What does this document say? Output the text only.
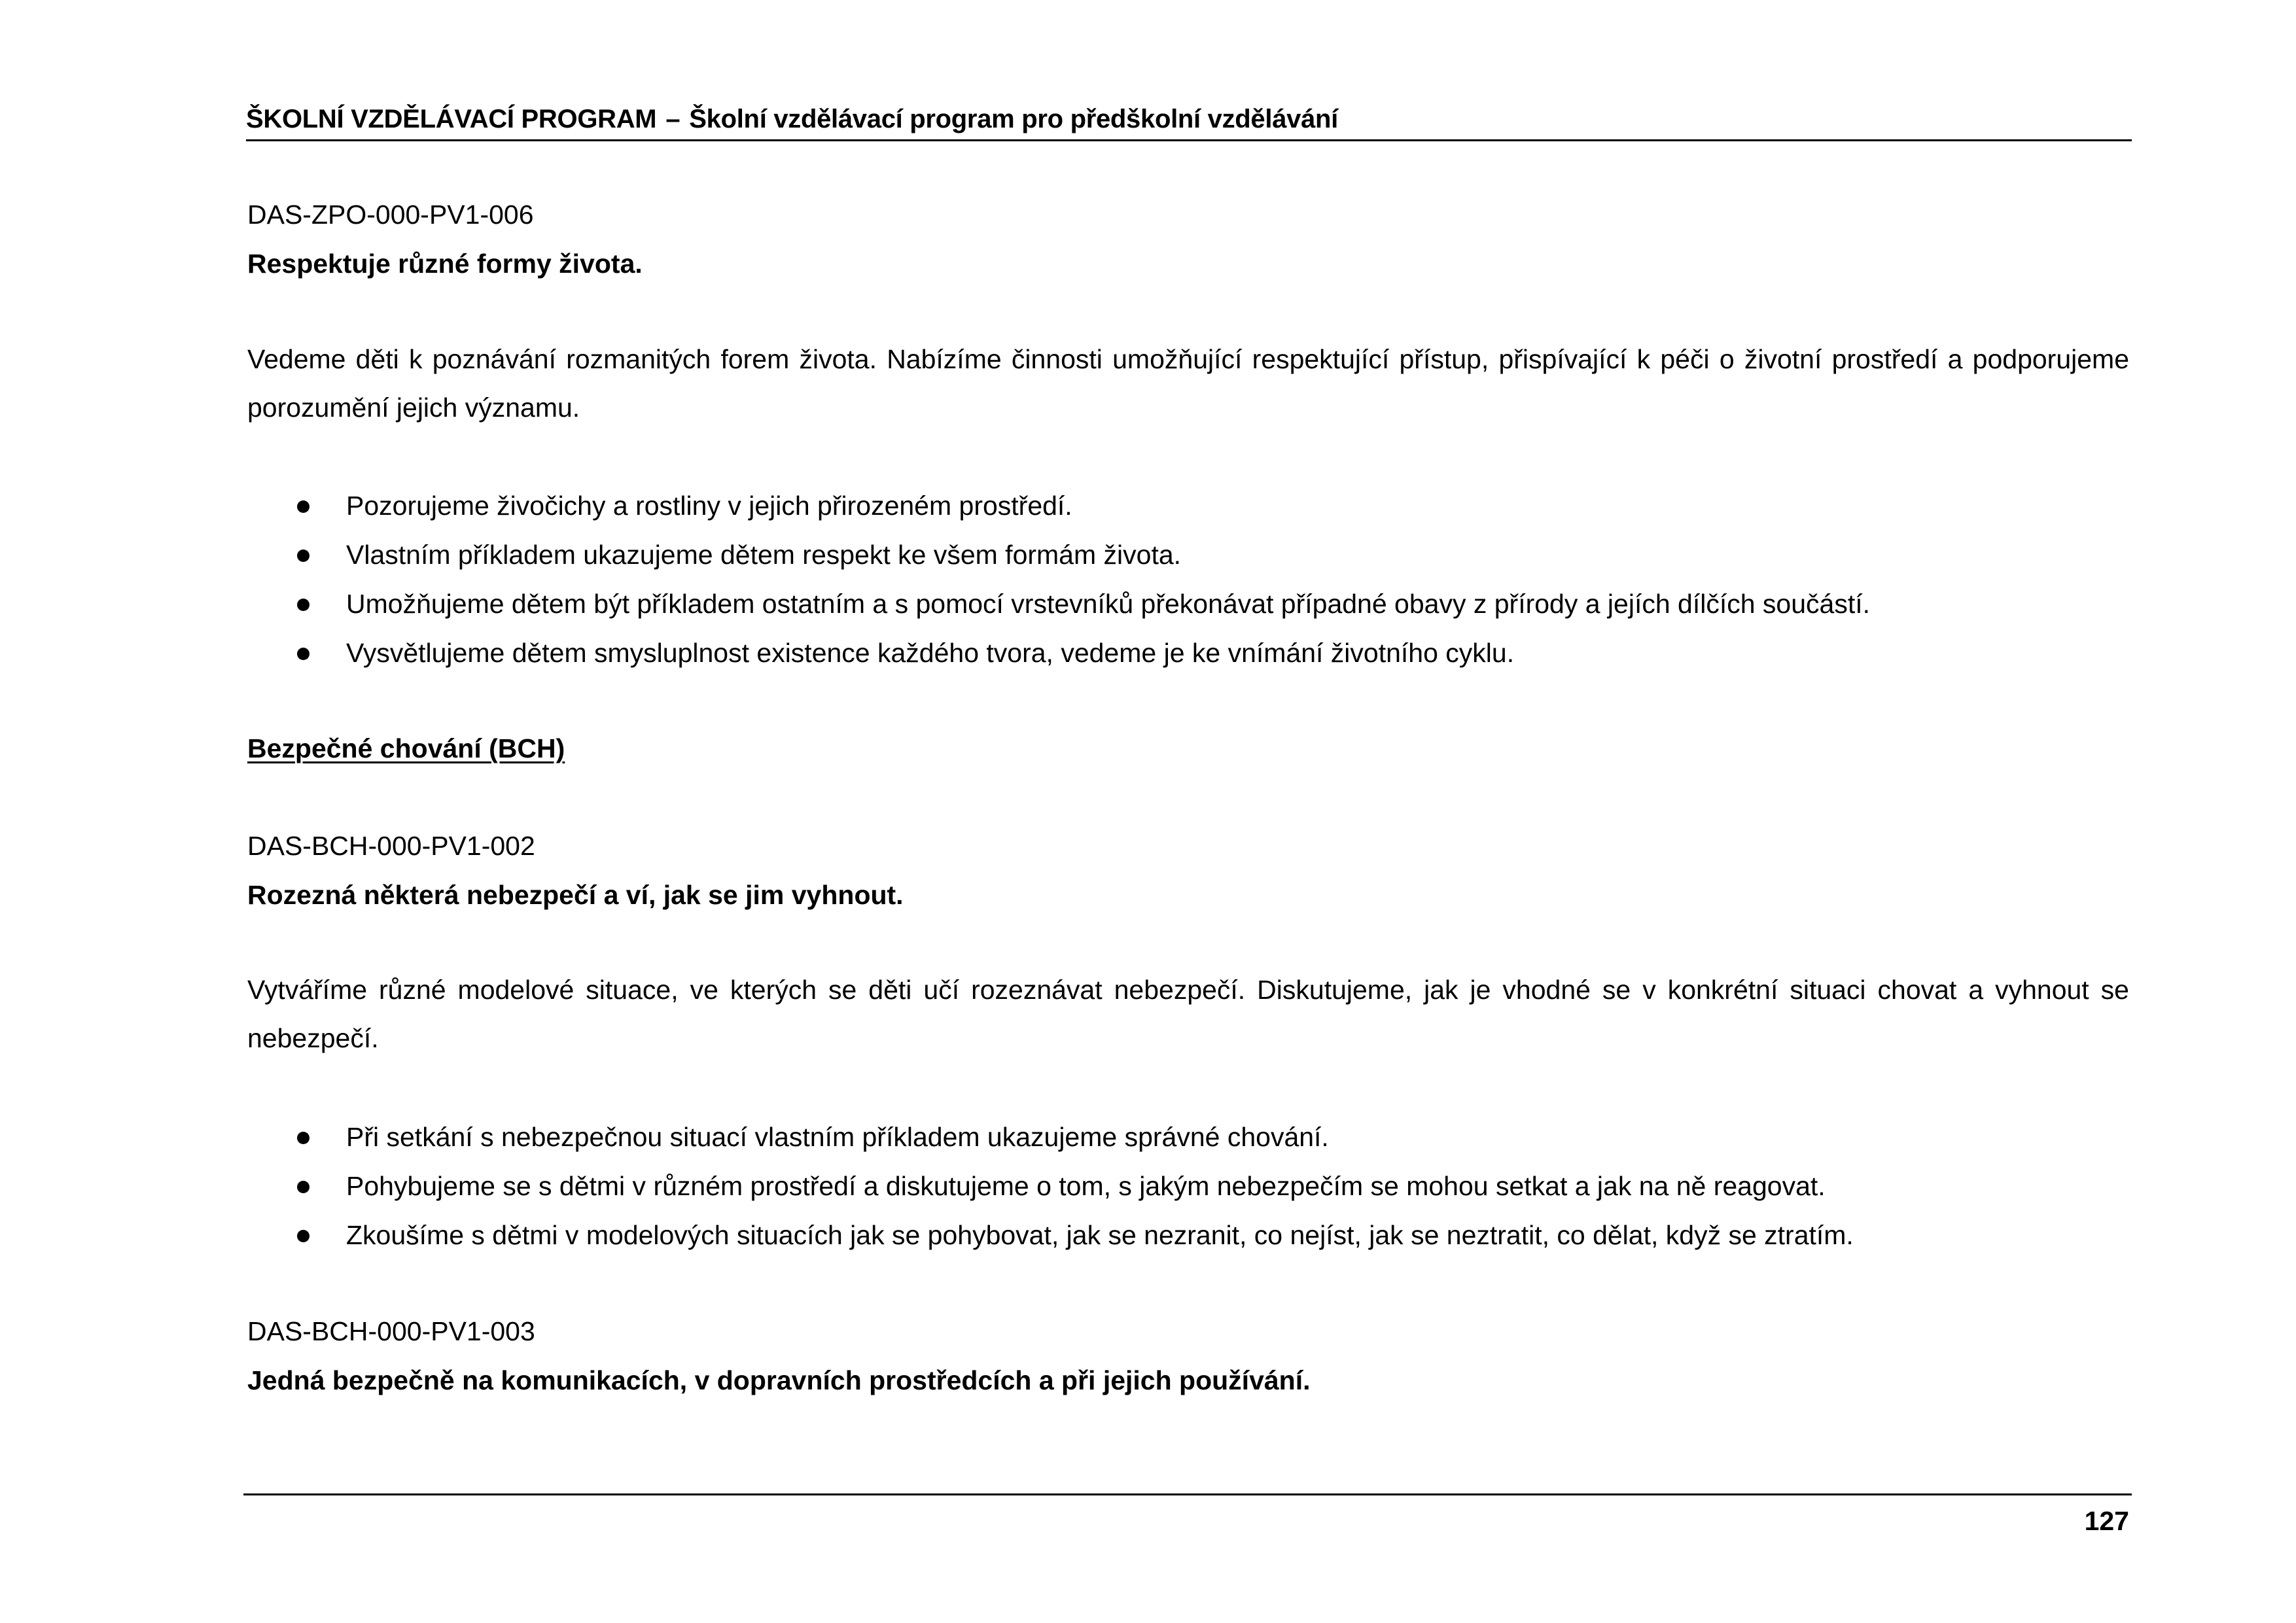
ŠKOLNÍ VZDĚLÁVACÍ PROGRAM – Školní vzdělávací program pro předškolní vzdělávání
DAS-ZPO-000-PV1-006
Respektuje různé formy života.
Vedeme děti k poznávání rozmanitých forem života. Nabízíme činnosti umožňující respektující přístup, přispívající k péči o životní prostředí a podporujeme porozumění jejich významu.
Pozorujeme živočichy a rostliny v jejich přirozeném prostředí.
Vlastním příkladem ukazujeme dětem respekt ke všem formám života.
Umožňujeme dětem být příkladem ostatním a s pomocí vrstevníků překonávat případné obavy z přírody a jejích dílčích součástí.
Vysvětlujeme dětem smysluplnost existence každého tvora, vedeme je ke vnímání životního cyklu.
Bezpečné chování (BCH)
DAS-BCH-000-PV1-002
Rozezná některá nebezpečí a ví, jak se jim vyhnout.
Vytváříme různé modelové situace, ve kterých se děti učí rozeznávat nebezpečí. Diskutujeme, jak je vhodné se v konkrétní situaci chovat a vyhnout se nebezpečí.
Při setkání s nebezpečnou situací vlastním příkladem ukazujeme správné chování.
Pohybujeme se s dětmi v různém prostředí a diskutujeme o tom, s jakým nebezpečím se mohou setkat a jak na ně reagovat.
Zkoušíme s dětmi v modelových situacích jak se pohybovat, jak se nezranit, co nejíst, jak se neztratit, co dělat, když se ztratím.
DAS-BCH-000-PV1-003
Jedná bezpečně na komunikacích, v dopravních prostředcích a při jejich používání.
127
